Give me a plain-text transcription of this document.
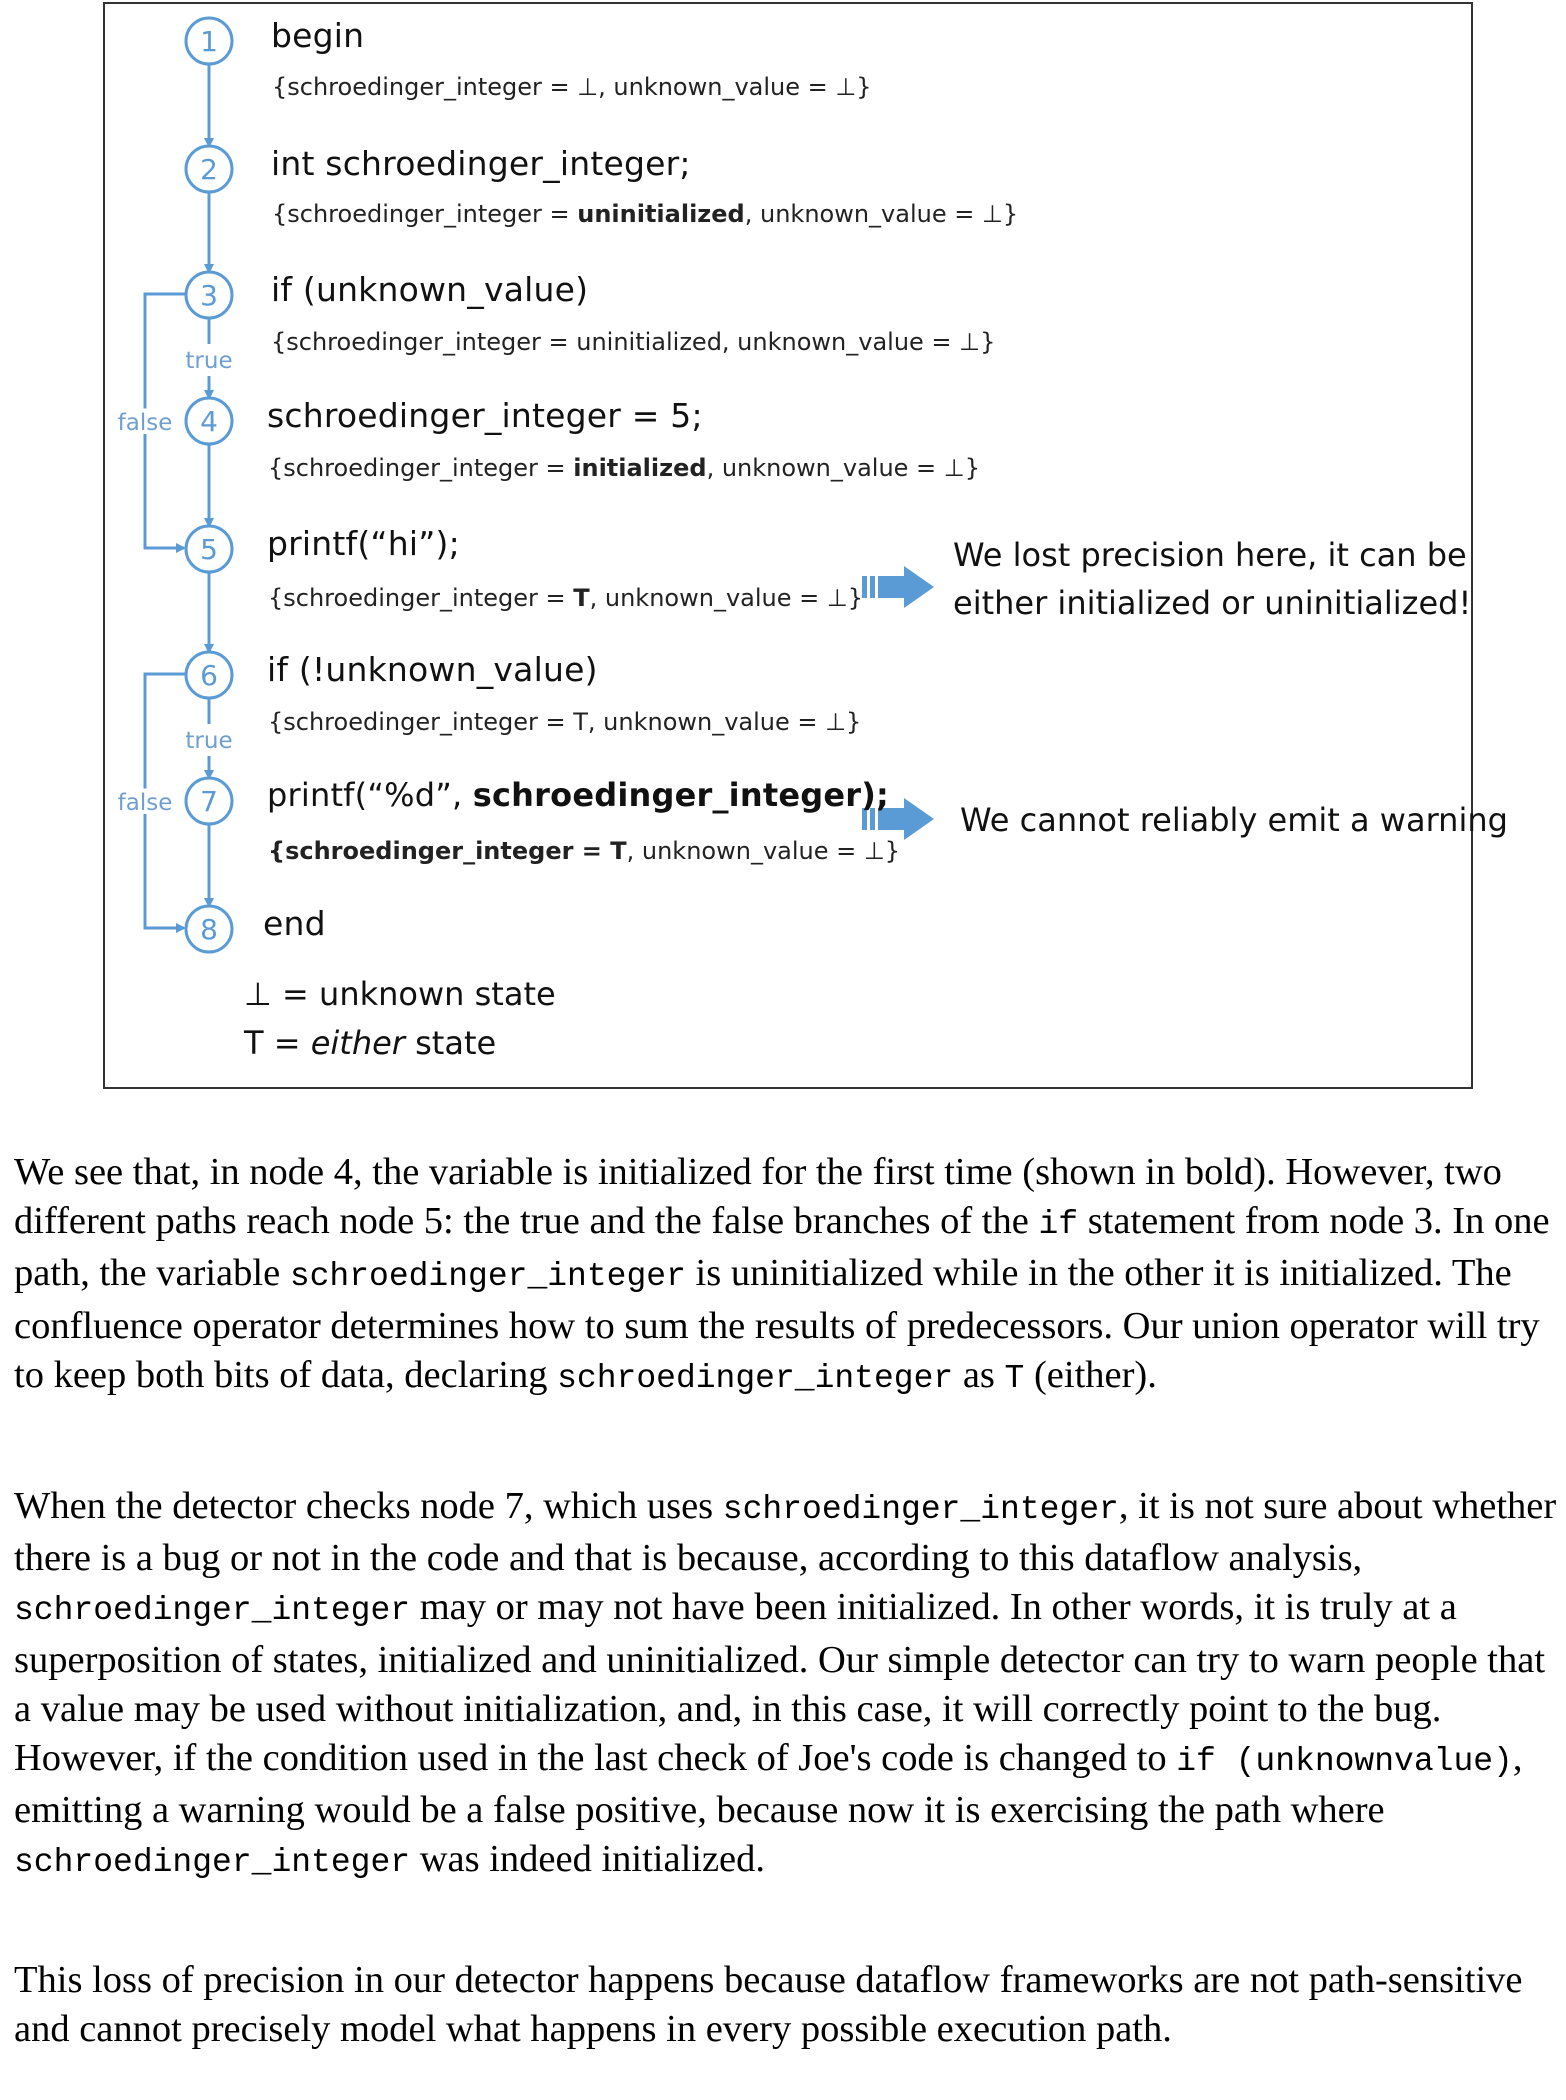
1
2
3
4
5
6
7
8
true
false
true
false
begin
int schroedinger_integer;
if (unknown_value)
schroedinger_integer = 5;
printf(“hi”);
if (!unknown_value)
printf(“%d”, schroedinger_integer);
end
{schroedinger_integer = ⊥, unknown_value = ⊥}
{schroedinger_integer = uninitialized, unknown_value = ⊥}
{schroedinger_integer = uninitialized, unknown_value = ⊥}
{schroedinger_integer = initialized, unknown_value = ⊥}
{schroedinger_integer = T, unknown_value = ⊥}
{schroedinger_integer = T, unknown_value = ⊥}
{schroedinger_integer = T, unknown_value = ⊥}
We lost precision here, it can be
either initialized or uninitialized!
We cannot reliably emit a warning
⊥ = unknown state
T = either state

We see that, in node 4, the variable is initialized for the first time (shown in bold). However, two different paths reach node 5: the true and the false branches of the if statement from node 3. In one path, the variable schroedinger_integer is uninitialized while in the other it is initialized. The confluence operator determines how to sum the results of predecessors. Our union operator will try to keep both bits of data, declaring schroedinger_integer as T (either).

When the detector checks node 7, which uses schroedinger_integer, it is not sure about whether there is a bug or not in the code and that is because, according to this dataflow analysis, schroedinger_integer may or may not have been initialized. In other words, it is truly at a superposition of states, initialized and uninitialized. Our simple detector can try to warn people that a value may be used without initialization, and, in this case, it will correctly point to the bug. However, if the condition used in the last check of Joe's code is changed to if (unknownvalue), emitting a warning would be a false positive, because now it is exercising the path where schroedinger_integer was indeed initialized.

This loss of precision in our detector happens because dataflow frameworks are not path-sensitive and cannot precisely model what happens in every possible execution path.
